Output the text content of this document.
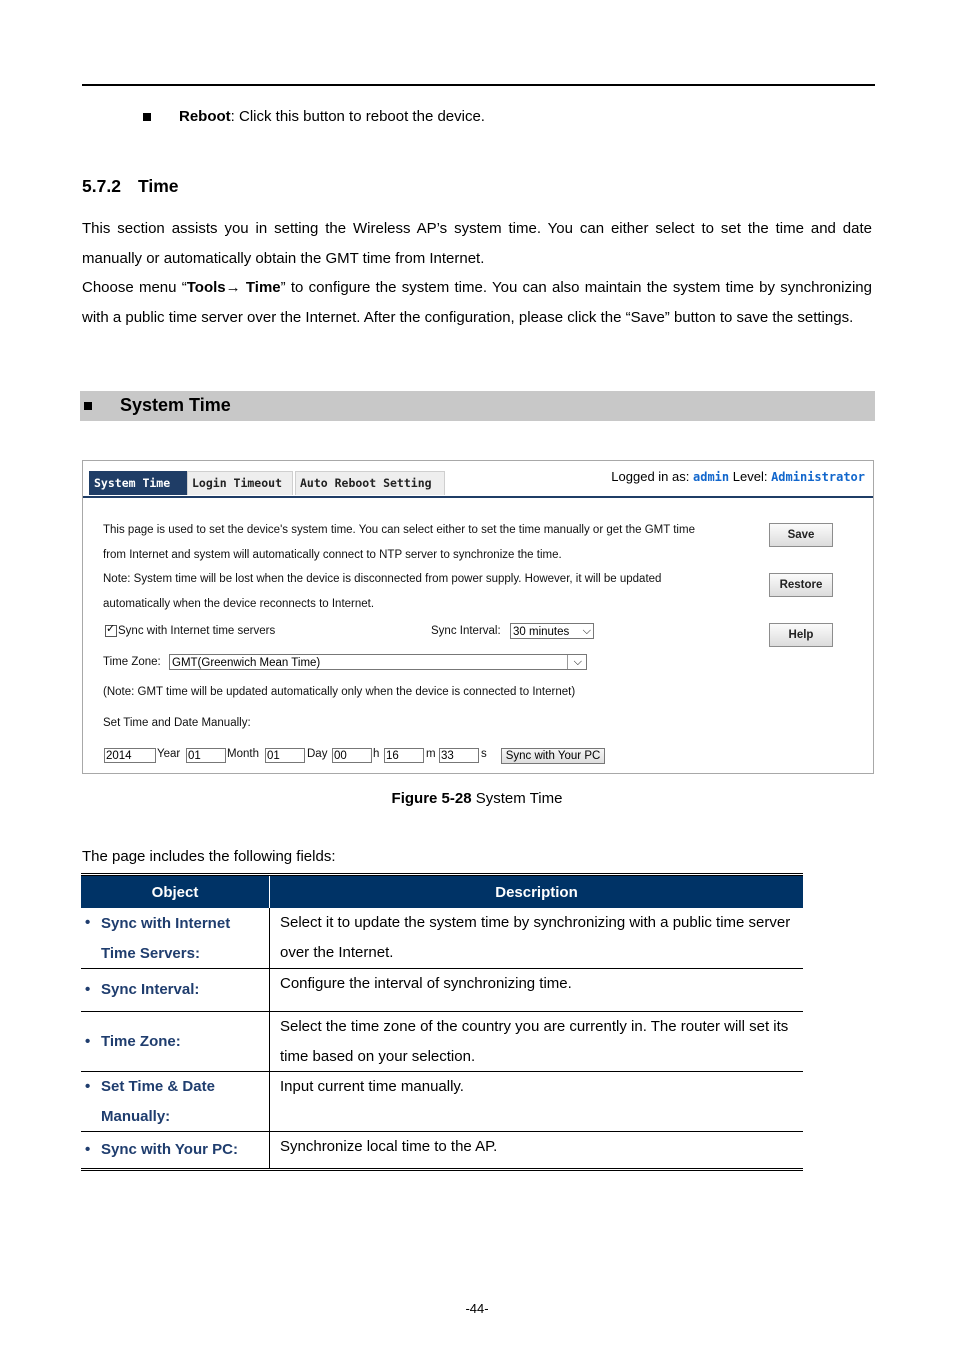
Reboot: Click this button to reboot the device.
5.7.2 Time
This section assists you in setting the Wireless AP’s system time. You can either select to set the time and date manually or automatically obtain the GMT time from Internet.
Choose menu “Tools→ Time” to configure the system time. You can also maintain the system time by synchronizing with a public time server over the Internet. After the configuration, please click the “Save” button to save the settings.
System Time
System Time	Login Timeout	Auto Reboot Setting	Logged in as: admin Level: Administrator
This page is used to set the device's system time. You can select either to set the time manually or get the GMT time
from Internet and system will automatically connect to NTP server to synchronize the time.
Note: System time will be lost when the device is disconnected from power supply. However, it will be updated
automatically when the device reconnects to Internet.
Save
Restore
Help
✓
Sync with Internet time servers	Sync Interval: 30 minutes ⌵
Time Zone: GMT(Greenwich Mean Time)	⌵
(Note: GMT time will be updated automatically only when the device is connected to Internet)
Set Time and Date Manually:
2014	Year 01	Month 01	Day 00	h 16	m 33	s	Sync with Your PC
Figure 5-28 System Time
The page includes the following fields:
Object	Description

• Sync with Internet Time Servers:	Select it to update the system time by synchronizing with a public time server over the Internet.

• Sync Interval:	Configure the interval of synchronizing time.

• Time Zone:	Select the time zone of the country you are currently in. The router will set its time based on your selection.

• Set Time & Date Manually:	Input current time manually.

• Sync with Your PC:	Synchronize local time to the AP.
-44-
